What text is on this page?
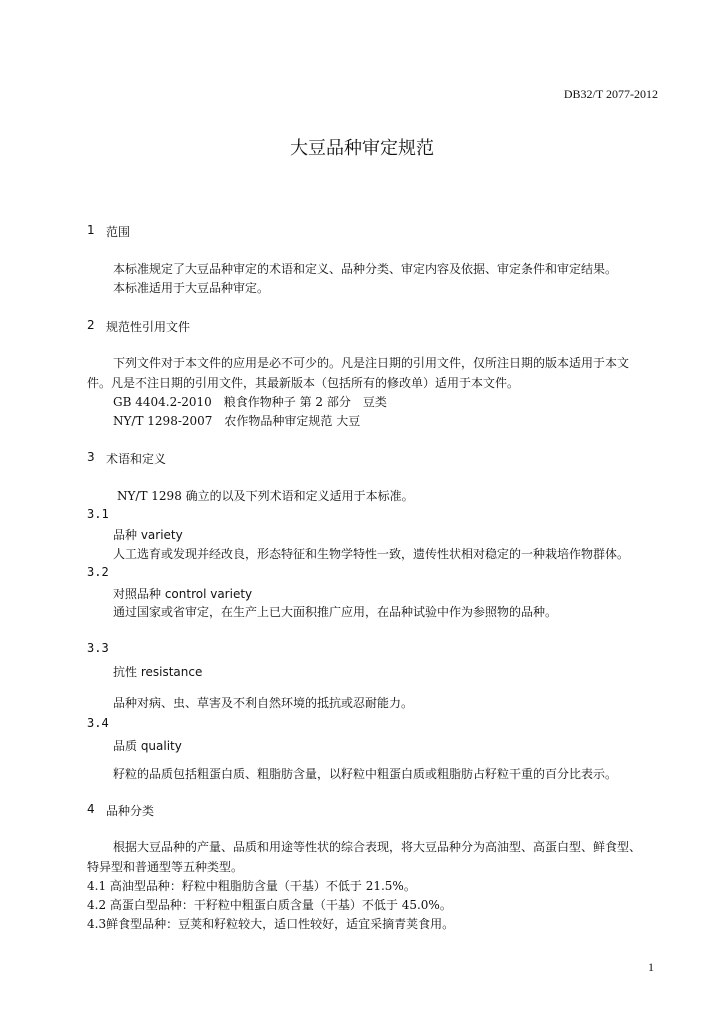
DB32/T 2077-2012
大豆品种审定规范
1 范围
本标准规定了大豆品种审定的术语和定义、品种分类、审定内容及依据、审定条件和审定结果。
本标准适用于大豆品种审定。
2 规范性引用文件
下列文件对于本文件的应用是必不可少的。凡是注日期的引用文件，仅所注日期的版本适用于本文
件。凡是不注日期的引用文件，其最新版本（包括所有的修改单）适用于本文件。
GB 4404.2-2010　粮食作物种子 第 2 部分　豆类
NY/T 1298-2007　农作物品种审定规范 大豆
3 术语和定义
NY/T 1298 确立的以及下列术语和定义适用于本标准。
3.1
品种 variety
人工选育或发现并经改良，形态特征和生物学特性一致，遗传性状相对稳定的一种栽培作物群体。
3.2
对照品种 control variety
通过国家或省审定，在生产上已大面积推广应用，在品种试验中作为参照物的品种。
3.3
抗性 resistance
品种对病、虫、草害及不利自然环境的抵抗或忍耐能力。
3.4
品质 quality
籽粒的品质包括粗蛋白质、粗脂肪含量，以籽粒中粗蛋白质或粗脂肪占籽粒干重的百分比表示。
4 品种分类
根据大豆品种的产量、品质和用途等性状的综合表现，将大豆品种分为高油型、高蛋白型、鲜食型、
特异型和普通型等五种类型。
4.1 高油型品种：籽粒中粗脂肪含量（干基）不低于 21.5%。
4.2 高蛋白型品种：干籽粒中粗蛋白质含量（干基）不低于 45.0%。
4.3鲜食型品种：豆荚和籽粒较大，适口性较好，适宜采摘青荚食用。
1
